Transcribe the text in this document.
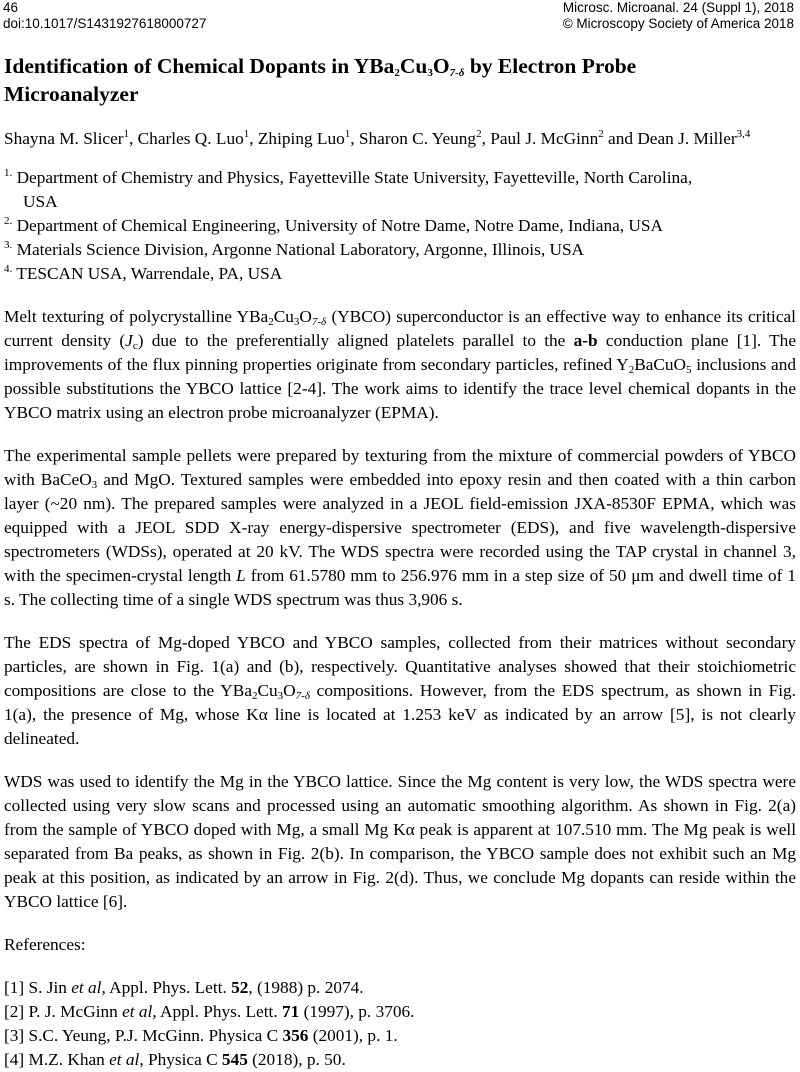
46
doi:10.1017/S1431927618000727
Microsc. Microanal. 24 (Suppl 1), 2018
© Microscopy Society of America 2018
Identification of Chemical Dopants in $YBa_2Cu_3O_{7-\delta}$ by Electron Probe
Microanalyzer
Shayna M. Slicer$^1$, Charles Q. Luo$^1$, Zhiping Luo$^1$, Sharon C. Yeung$^2$, Paul J. McGinn$^2$ and Dean J. Miller$^{3,4}$
$^{1.}$ Department of Chemistry and Physics, Fayetteville State University, Fayetteville, North Carolina,
USA
$^{2.}$ Department of Chemical Engineering, University of Notre Dame, Notre Dame, Indiana, USA
$^{3.}$ Materials Science Division, Argonne National Laboratory, Argonne, Illinois, USA
$^{4.}$ TESCAN USA, Warrendale, PA, USA

Melt texturing of polycrystalline $YBa_2Cu_3O_{7-\delta}$ (YBCO) superconductor is an effective way to enhance its critical current density $(J_c)$ due to the preferentially aligned platelets parallel to the a-b conduction plane [1]. The improvements of the flux pinning properties originate from secondary particles, refined $Y_2BaCuO_5$ inclusions and possible substitutions the YBCO lattice [2-4]. The work aims to identify the trace level chemical dopants in the YBCO matrix using an electron probe microanalyzer (EPMA).

The experimental sample pellets were prepared by texturing from the mixture of commercial powders of YBCO with BaCeO$_3$ and MgO. Textured samples were embedded into epoxy resin and then coated with a thin carbon layer (~20 nm). The prepared samples were analyzed in a JEOL field-emission JXA-8530F EPMA, which was equipped with a JEOL SDD X-ray energy-dispersive spectrometer (EDS), and five wavelength-dispersive spectrometers (WDSs), operated at 20 kV. The WDS spectra were recorded using the TAP crystal in channel 3, with the specimen-crystal length L from 61.5780 mm to 256.976 mm in a step size of 50 μm and dwell time of 1 s. The collecting time of a single WDS spectrum was thus 3,906 s.

The EDS spectra of Mg-doped YBCO and YBCO samples, collected from their matrices without secondary particles, are shown in Fig. 1(a) and (b), respectively. Quantitative analyses showed that their stoichiometric compositions are close to the $YBa_2Cu_3O_{7-\delta}$ compositions. However, from the EDS spectrum, as shown in Fig. 1(a), the presence of Mg, whose Kα line is located at 1.253 keV as indicated by an arrow [5], is not clearly delineated.

WDS was used to identify the Mg in the YBCO lattice. Since the Mg content is very low, the WDS spectra were collected using very slow scans and processed using an automatic smoothing algorithm. As shown in Fig. 2(a) from the sample of YBCO doped with Mg, a small Mg Kα peak is apparent at 107.510 mm. The Mg peak is well separated from Ba peaks, as shown in Fig. 2(b). In comparison, the YBCO sample does not exhibit such an Mg peak at this position, as indicated by an arrow in Fig. 2(d). Thus, we conclude Mg dopants can reside within the YBCO lattice [6].

References:
[1] S. Jin et al, Appl. Phys. Lett. 52, (1988) p. 2074.
[2] P. J. McGinn et al, Appl. Phys. Lett. 71 (1997), p. 3706.
[3] S.C. Yeung, P.J. McGinn. Physica C 356 (2001), p. 1.
[4] M.Z. Khan et al, Physica C 545 (2018), p. 50.
